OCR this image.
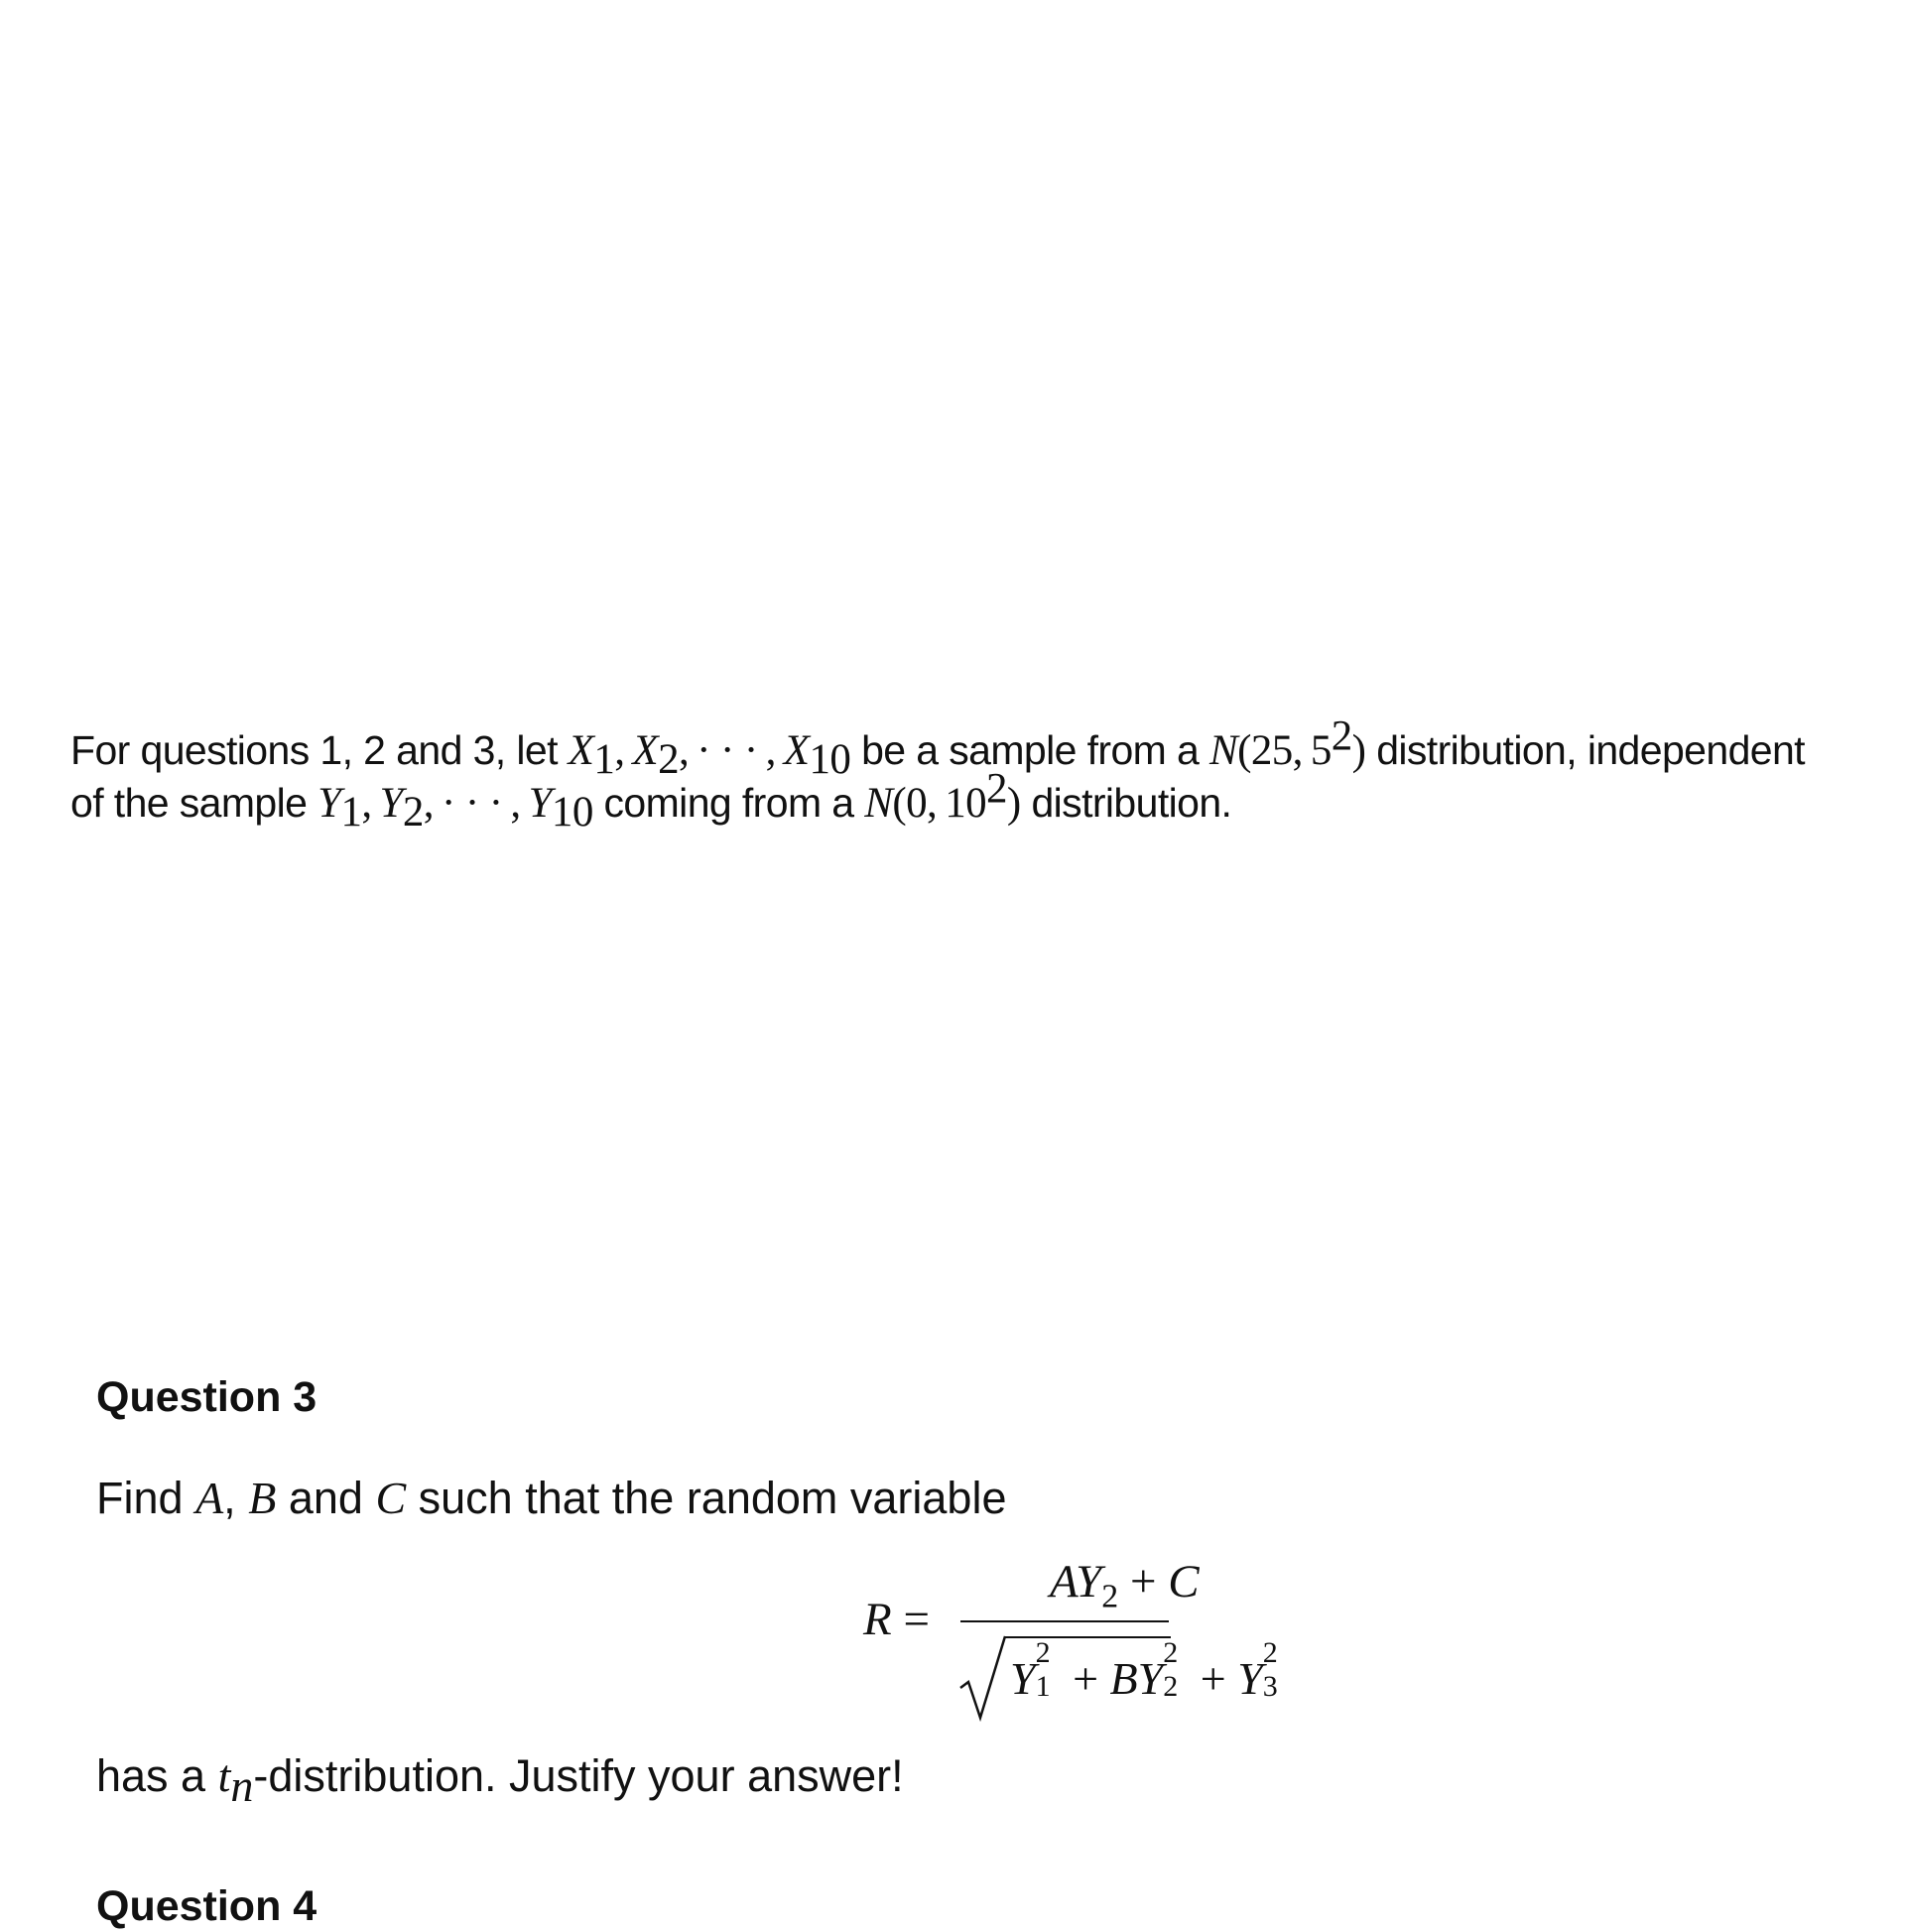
For questions 1, 2 and 3, let $X_1$, $X_2$, · · · , $X_{10}$ be a sample from a N(25, $5^2$) distribution, independent
of the sample $Y_1$, $Y_2$, · · · , $Y_{10}$ coming from a N(0, $10^2$) distribution.
Question 3
Find A, B and C such that the random variable
R =
$AY_2 + C$
Y
2
1 + BY
2
2 + Y
2
3
has a $t_n$-distribution. Justify your answer!
Question 4
